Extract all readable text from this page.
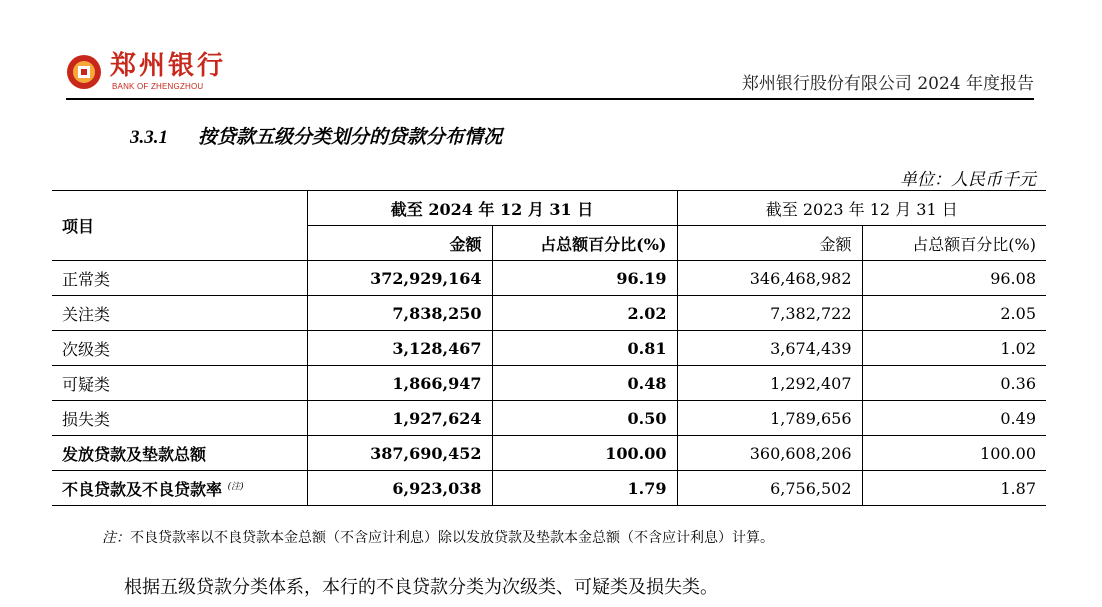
郑州银行
BANK OF ZHENGZHOU	郑州银行股份有限公司 2024 年度报告
3.3.1 按贷款五级分类划分的贷款分布情况
单位：人民币千元
项目	截至 2024 年 12 月 31 日		截至 2023 年 12 月 31 日	
	金额	占总额百分比(%)	金额	占总额百分比(%)
正常类	372,929,164	96.19	346,468,982	96.08
关注类	7,838,250	2.02	7,382,722	2.05
次级类	3,128,467	0.81	3,674,439	1.02
可疑类	1,866,947	0.48	1,292,407	0.36
损失类	1,927,624	0.50	1,789,656	0.49
发放贷款及垫款总额	387,690,452	100.00	360,608,206	100.00
不良贷款及不良贷款率 $^{(注)}$	6,923,038	1.79	6,756,502	1.87
注：不良贷款率以不良贷款本金总额（不含应计利息）除以发放贷款及垫款本金总额（不含应计利息）计算。
根据五级贷款分类体系，本行的不良贷款分类为次级类、可疑类及损失类。
